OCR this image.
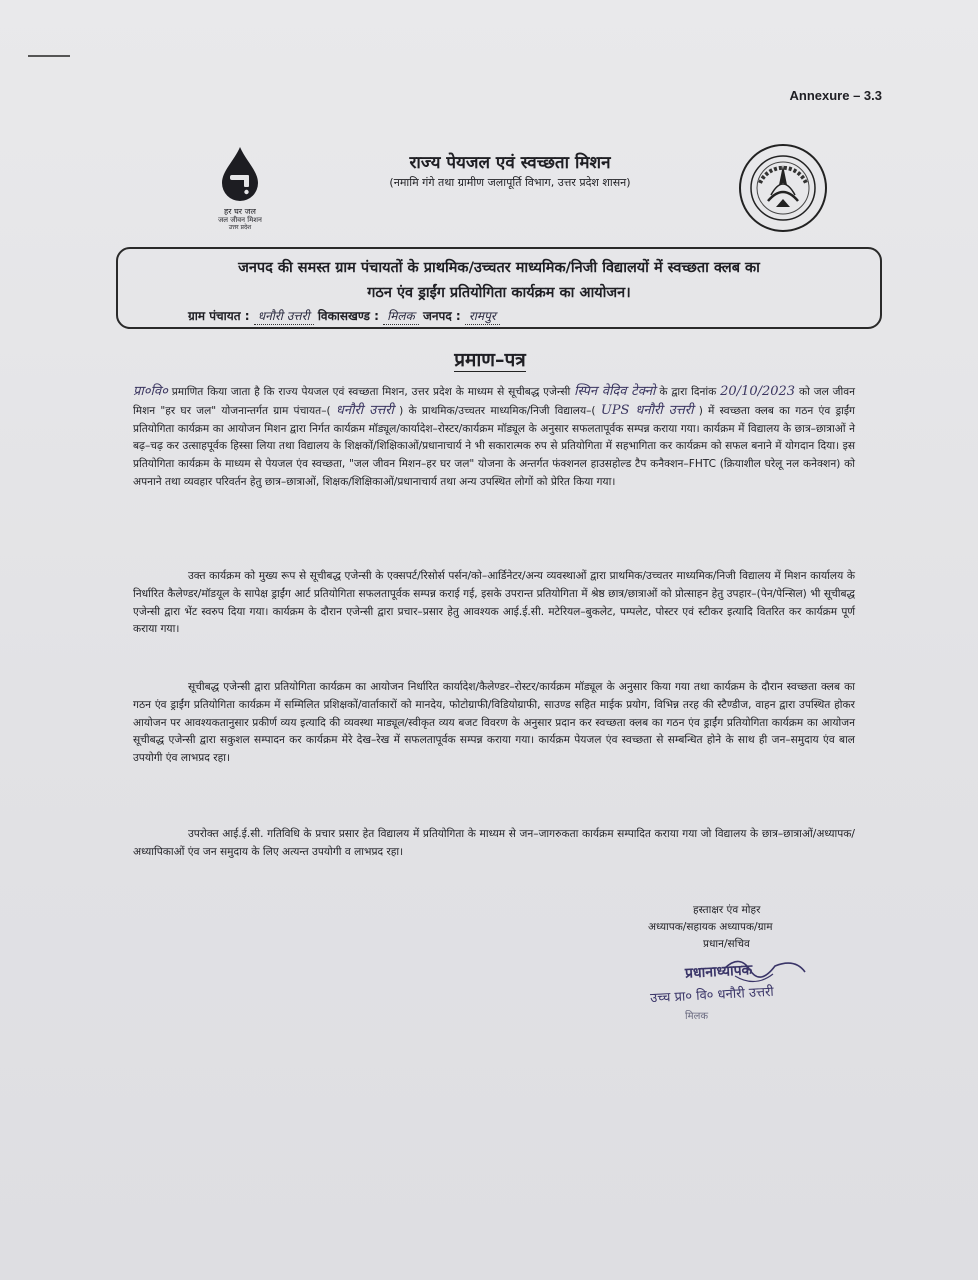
Annexure – 3.3
हर घर जल
जल जीवन मिशन
उत्तर प्रदेश
राज्य पेयजल एवं स्वच्छता मिशन
(नमामि गंगे तथा ग्रामीण जलापूर्ति विभाग, उत्तर प्रदेश शासन)
जनपद की समस्त ग्राम पंचायतों के प्राथमिक/उच्चतर माध्यमिक/निजी विद्यालयों में स्वच्छता क्लब का
गठन एंव ड्राईंग प्रतियोगिता कार्यक्रम का आयोजन।
ग्राम पंचायत : धनौरी उत्तरी विकासखण्ड : मिलक जनपद : रामपुर
प्रमाण–पत्र
प्रा०वि० प्रमाणित किया जाता है कि राज्य पेयजल एवं स्वच्छता मिशन, उत्तर प्रदेश के माध्यम से सूचीबद्ध एजेन्सी स्पिन वेदिव टेक्नो के द्वारा दिनांक 20/10/2023 को जल जीवन मिशन "हर घर जल" योजनान्तर्गत ग्राम पंचायत–( धनौरी उत्तरी ) के प्राथमिक/उच्चतर माध्यमिक/निजी विद्यालय–( UPS धनौरी उत्तरी ) में स्वच्छता क्लब का गठन एंव ड्राईंग प्रतियोगिता कार्यक्रम का आयोजन मिशन द्वारा निर्गत कार्यक्रम मॉड्यूल/कार्यादेश–रोस्टर/कार्यक्रम मॉड्यूल के अनुसार सफलतापूर्वक सम्पन्न कराया गया। कार्यक्रम में विद्यालय के छात्र–छात्राओं ने बढ़–चढ़ कर उत्साहपूर्वक हिस्सा लिया तथा विद्यालय के शिक्षकों/शिक्षिकाओं/प्रधानाचार्य ने भी सकारात्मक रुप से प्रतियोगिता में सहभागिता कर कार्यक्रम को सफल बनाने में योगदान दिया। इस प्रतियोगिता कार्यक्रम के माध्यम से पेयजल एंव स्वच्छता, "जल जीवन मिशन–हर घर जल" योजना के अन्तर्गत फंक्शनल हाउसहोल्ड टैप कनैक्शन–FHTC (क्रियाशील घरेलू नल कनेक्शन) को अपनाने तथा व्यवहार परिवर्तन हेतु छात्र–छात्राओं, शिक्षक/शिक्षिकाओं/प्रधानाचार्य तथा अन्य उपस्थित लोगों को प्रेरित किया गया।
उक्त कार्यक्रम को मुख्य रूप से सूचीबद्ध एजेन्सी के एक्सपर्ट/रिसोर्स पर्सन/को–आर्डिनेटर/अन्य व्यवस्थाओं द्वारा प्राथमिक/उच्चतर माध्यमिक/निजी विद्यालय में मिशन कार्यालय के निर्धारित कैलेण्डर/मॉडयूल के सापेक्ष ड्राईंग आर्ट प्रतियोगिता सफलतापूर्वक सम्पन्न कराई गई, इसके उपरान्त प्रतियोगिता में श्रेष्ठ छात्र/छात्राओं को प्रोत्साहन हेतु उपहार–(पेन/पेन्सिल) भी सूचीबद्ध एजेन्सी द्वारा भेंट स्वरुप दिया गया। कार्यक्रम के दौरान एजेन्सी द्वारा प्रचार–प्रसार हेतु आवश्यक आई.ई.सी. मटेरियल–बुकलेट, पम्पलेट, पोस्टर एवं स्टीकर इत्यादि वितरित कर कार्यक्रम पूर्ण कराया गया।
सूचीबद्ध एजेन्सी द्वारा प्रतियोगिता कार्यक्रम का आयोजन निर्धारित कार्यादेश/कैलेण्डर–रोस्टर/कार्यक्रम मॉड्यूल के अनुसार किया गया तथा कार्यक्रम के दौरान स्वच्छता क्लब का गठन एंव ड्राईंग प्रतियोगिता कार्यक्रम में सम्मिलित प्रशिक्षकों/वार्ताकारों को मानदेय, फोटोग्राफी/विडियोग्राफी, साउण्ड सहित माईक प्रयोग, विभिन्न तरह की स्टैण्डीज, वाहन द्वारा उपस्थित होकर आयोजन पर आवश्यकतानुसार प्रकीर्ण व्यय इत्यादि की व्यवस्था माड्यूल/स्वीकृत व्यय बजट विवरण के अनुसार प्रदान कर स्वच्छता क्लब का गठन एंव ड्राईंग प्रतियोगिता कार्यक्रम का आयोजन सूचीबद्ध एजेन्सी द्वारा सकुशल सम्पादन कर कार्यक्रम मेरे देख–रेख में सफलतापूर्वक सम्पन्न कराया गया। कार्यक्रम पेयजल एंव स्वच्छता से सम्बन्धित होने के साथ ही जन–समुदाय एंव बाल उपयोगी एंव लाभप्रद रहा।
उपरोक्त आई.ई.सी. गतिविधि के प्रचार प्रसार हेत विद्यालय में प्रतियोगिता के माध्यम से जन–जागरुकता कार्यक्रम सम्पादित कराया गया जो विद्यालय के छात्र–छात्राओं/अध्यापक/अध्यापिकाओं एंव जन समुदाय के लिए अत्यन्त उपयोगी व लाभप्रद रहा।
हस्ताक्षर एंव मोहर
अध्यापक/सहायक अध्यापक/ग्राम
प्रधान/सचिव
प्रधानाध्यापक
उच्च प्रा० वि० धनौरी उत्तरी
मिलक
